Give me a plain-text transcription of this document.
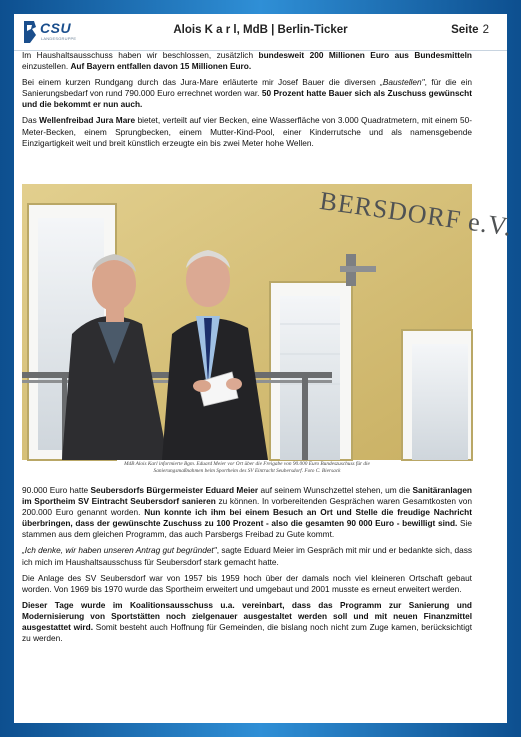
CSU
LANDESGRUPPE
Alois K a r l, MdB | Berlin-Ticker	Seite 2

Im Haushaltsausschuss haben wir beschlossen, zusätzlich bundesweit 200 Millionen Euro aus Bundesmitteln einzustellen. Auf Bayern entfallen davon 15 Millionen Euro.

Bei einem kurzen Rundgang durch das Jura-Mare erläuterte mir Josef Bauer die diversen „Baustellen", für die ein Sanierungsbedarf von rund 790.000 Euro errechnet worden war. 50 Prozent hatte Bauer sich als Zuschuss gewünscht und die bekommt er nun auch.

Das Wellenfreibad Jura Mare bietet, verteilt auf vier Becken, eine Wasserfläche von 3.000 Quadratmetern, mit einem 50-Meter-Becken, einem Sprungbecken, einem Mutter-Kind-Pool, einer Kinderrutsche und als namensgebende Einzigartigkeit weit und breit künstlich erzeugte ein bis zwei Meter hohe Wellen.

BERSDORF e.V.
MdB Alois Karl informierte Bgm. Eduard Meier vor Ort über die Freigabe von 90.000 Euro Bundeszuschuss für die
Sanierungsmaßnahmen beim Sportheim des SV Eintracht Seubersdorf. Foto C. Biersack

90.000 Euro hatte Seubersdorfs Bürgermeister Eduard Meier auf seinem Wunschzettel stehen, um die Sanitäranlagen im Sportheim SV Eintracht Seubersdorf sanieren zu können. In vorbereitenden Gesprächen waren Gesamtkosten von 200.000 Euro genannt worden. Nun konnte ich ihm bei einem Besuch an Ort und Stelle die freudige Nachricht überbringen, dass der gewünschte Zuschuss zu 100 Prozent - also die gesamten 90 000 Euro - bewilligt sind. Sie stammen aus dem gleichen Programm, das auch Parsbergs Freibad zu Gute kommt.

„Ich denke, wir haben unseren Antrag gut begründet", sagte Eduard Meier im Gespräch mit mir und er bedankte sich, dass ich mich im Haushaltsausschuss für Seubersdorf stark gemacht hatte.

Die Anlage des SV Seubersdorf war von 1957 bis 1959 hoch über der damals noch viel kleineren Ortschaft gebaut worden. Von 1969 bis 1970 wurde das Sportheim erweitert und umgebaut und 2001 musste es erneut erweitert werden.

Dieser Tage wurde im Koalitionsausschuss u.a. vereinbart, dass das Programm zur Sanierung und Modernisierung von Sportstätten noch zielgenauer ausgestaltet werden soll und mit neuen Finanzmittel ausgestattet wird. Somit besteht auch Hoffnung für Gemeinden, die bislang noch nicht zum Zuge kamen, berücksichtigt zu werden.
